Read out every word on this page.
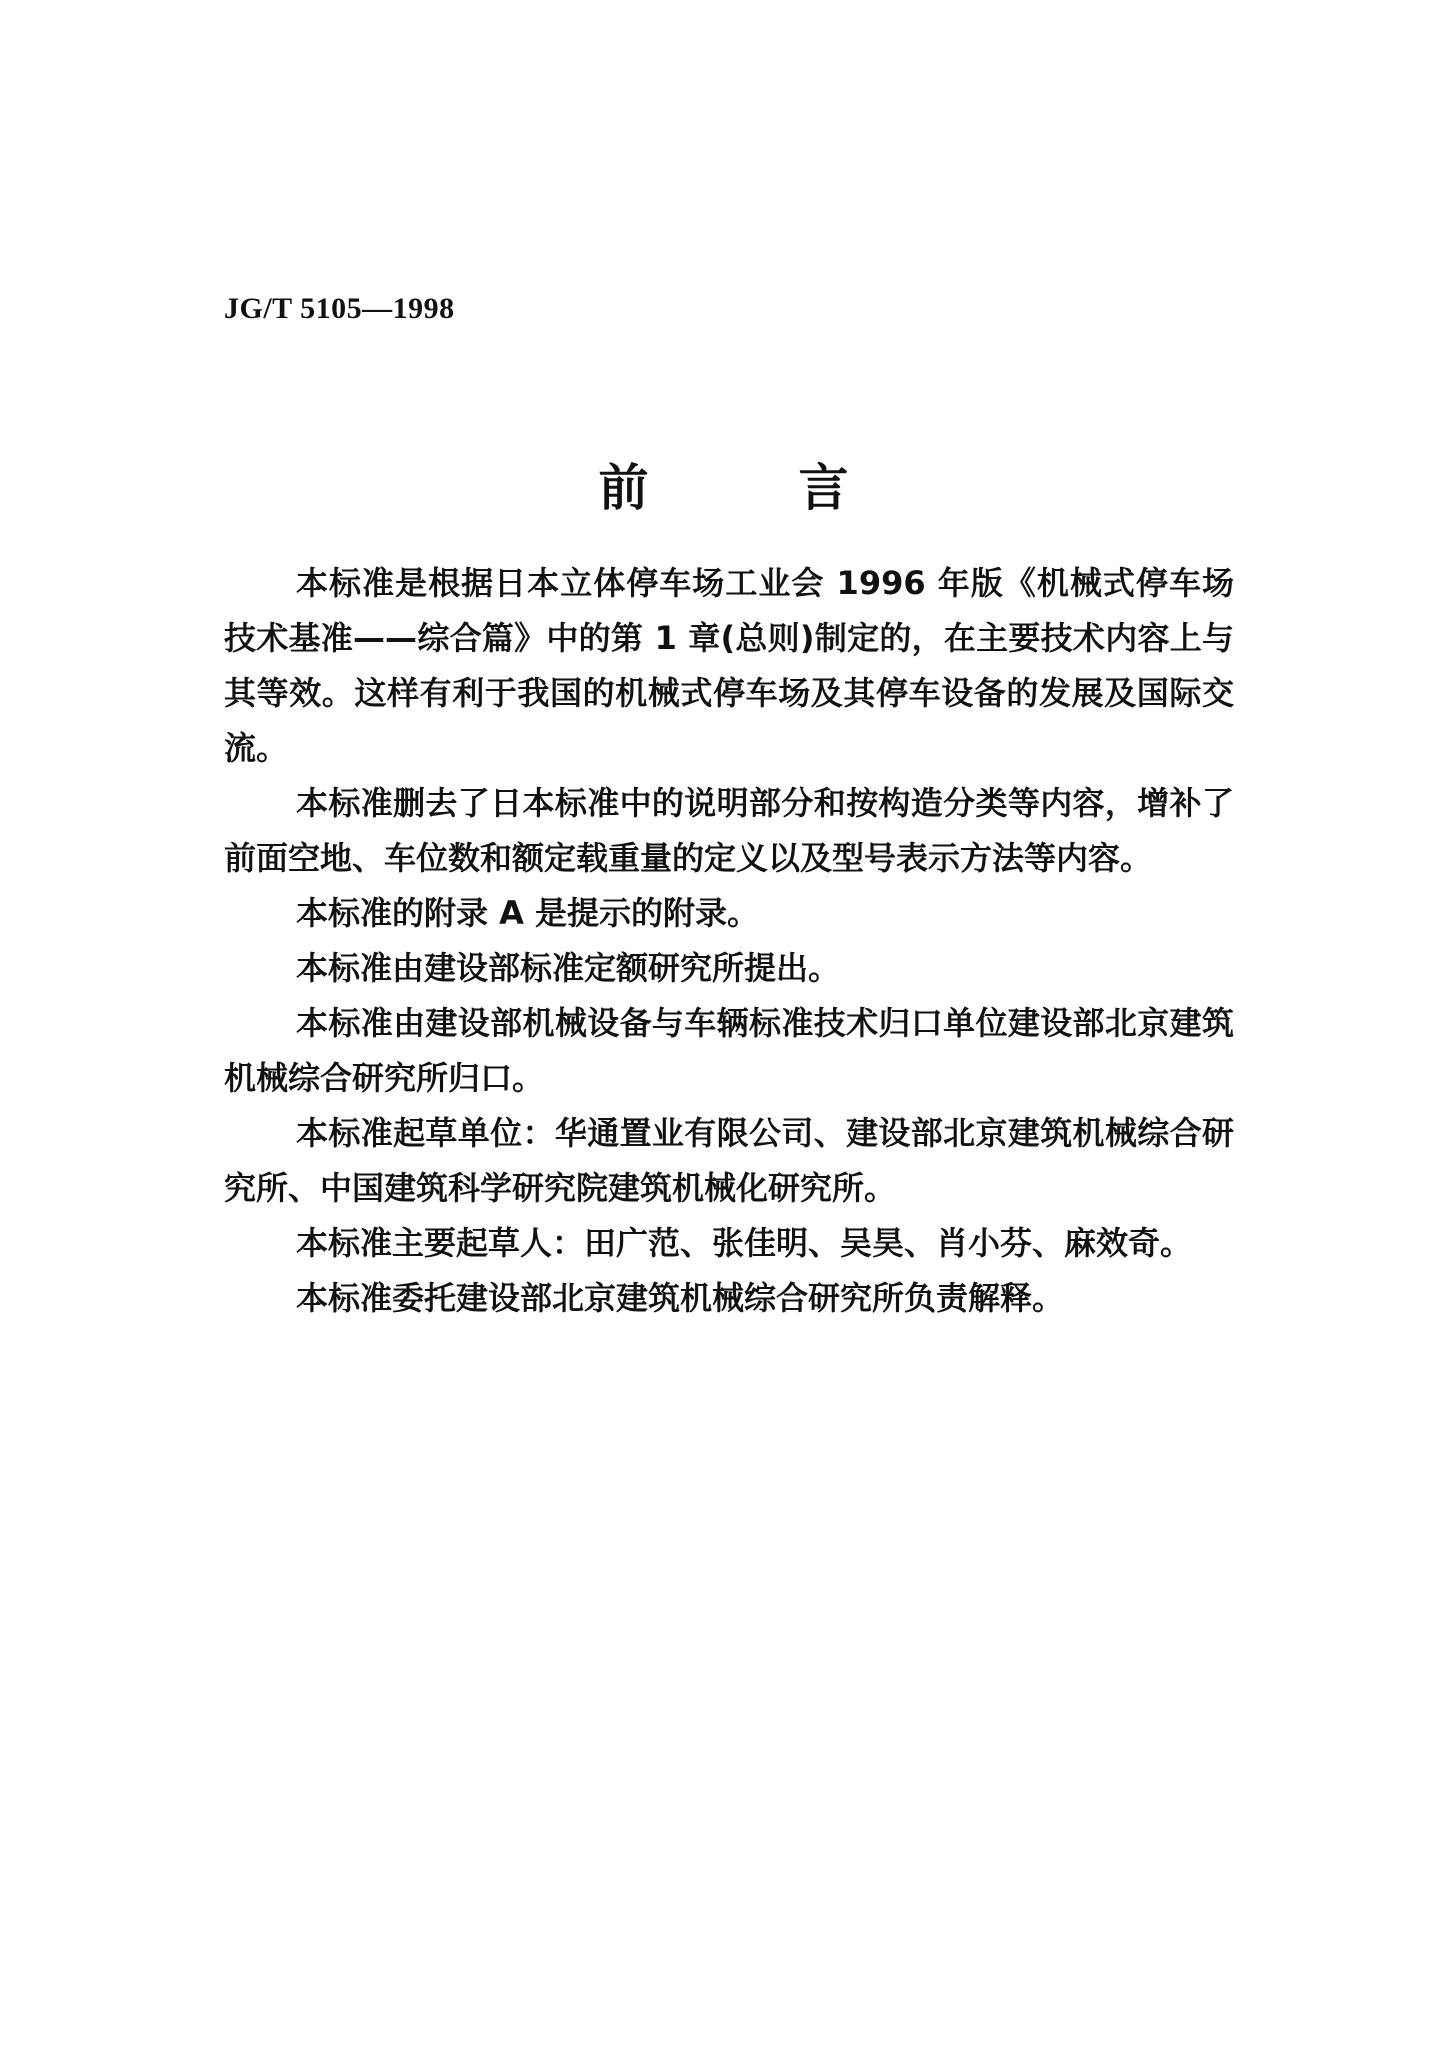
JG/T 5105—1998
前	言

本标准是根据日本立体停车场工业会 1996 年版《机械式停车场技术基准——综合篇》中的第 1 章(总则)制定的，在主要技术内容上与其等效。这样有利于我国的机械式停车场及其停车设备的发展及国际交流。

本标准删去了日本标准中的说明部分和按构造分类等内容，增补了前面空地、车位数和额定载重量的定义以及型号表示方法等内容。

本标准的附录 A 是提示的附录。

本标准由建设部标准定额研究所提出。

本标准由建设部机械设备与车辆标准技术归口单位建设部北京建筑机械综合研究所归口。

本标准起草单位：华通置业有限公司、建设部北京建筑机械综合研究所、中国建筑科学研究院建筑机械化研究所。

本标准主要起草人：田广范、张佳明、吴昊、肖小芬、麻效奇。

本标准委托建设部北京建筑机械综合研究所负责解释。
